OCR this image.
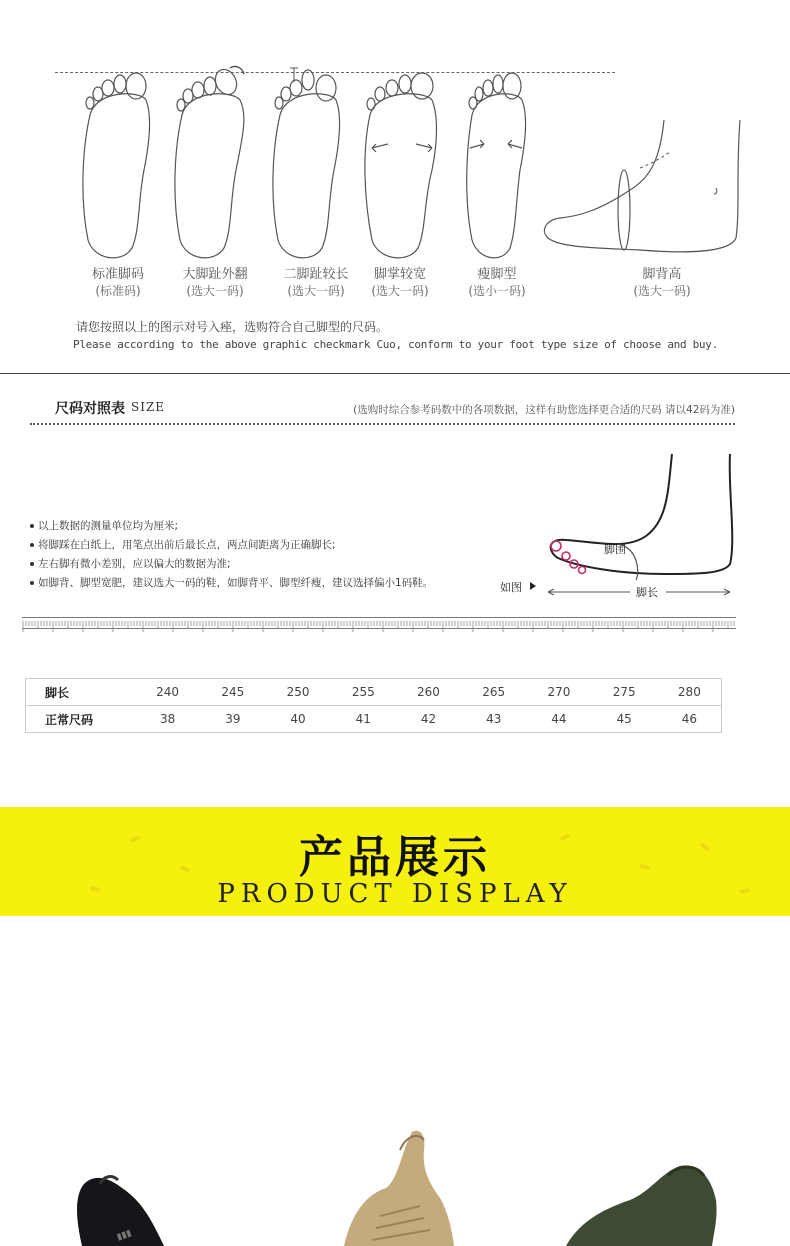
标准脚码
(标准码)
大脚趾外翻
(选大一码)
二脚趾较长
(选大一码)
脚掌较宽
(选大一码)
瘦脚型
(选小一码)
脚背高
(选大一码)
请您按照以上的图示对号入痤，选购符合自己脚型的尺码。
Please according to the above graphic checkmark Cuo, conform to your foot type size of choose and buy.
尺码对照表 SIZE	(选购时综合参考码数中的各项数据，这样有助您选择更合适的尺码 请以42码为准)
以上数据的测量单位均为厘米;
将脚踩在白纸上，用笔点出前后最长点，两点间距离为正确脚长;
左右脚有微小差别，应以偏大的数据为准;
如脚背、脚型宽肥，建议选大一码的鞋，如脚背平、脚型纤瘦，建议选择偏小1码鞋。
脚围
脚长
如图
脚长	240	245	250	255	260	265	270	275	280
正常尺码	38	39	40	41	42	43	44	45	46
产品展示
PRODUCT DISPLAY
▮▮▮
